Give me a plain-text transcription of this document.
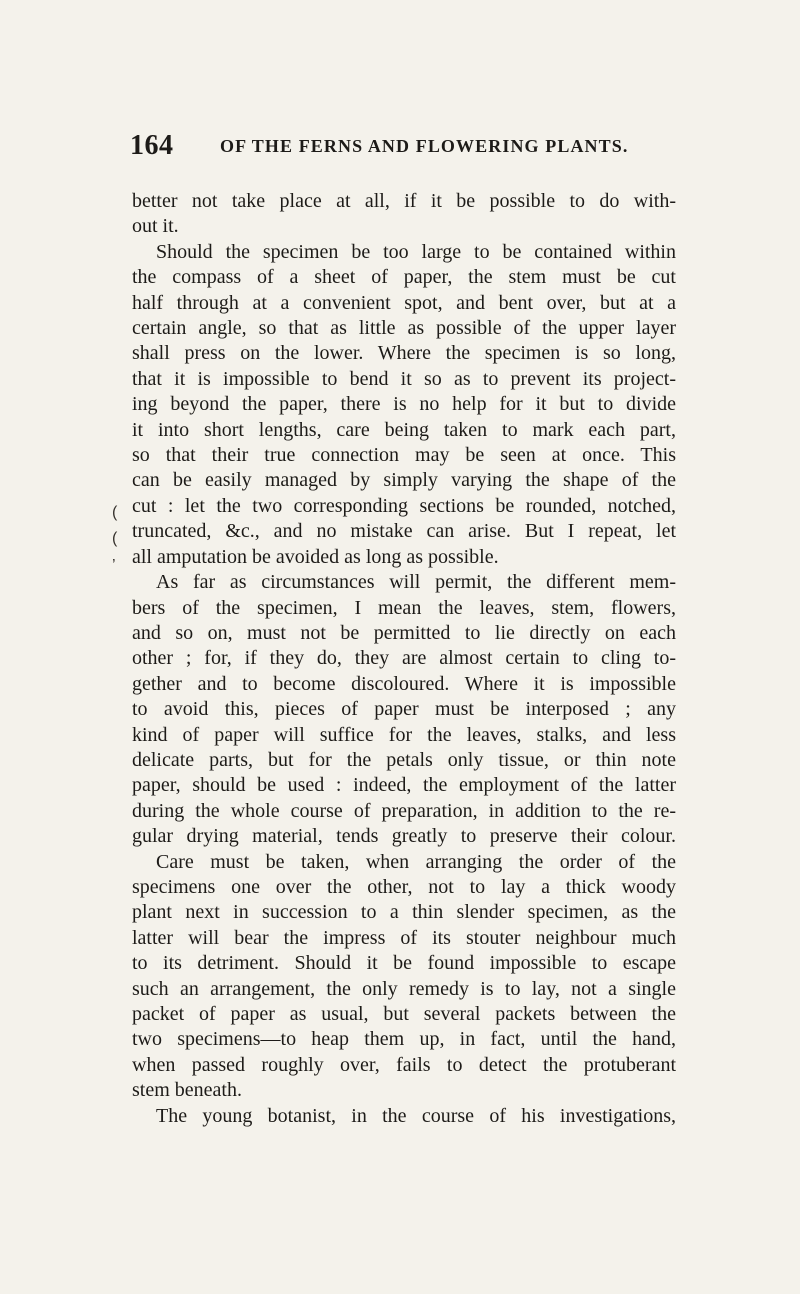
164	OF THE FERNS AND FLOWERING PLANTS.
(
(
’
better not take place at all, if it be possible to do with-
out it.
Should the specimen be too large to be contained within
the compass of a sheet of paper, the stem must be cut
half through at a convenient spot, and bent over, but at a
certain angle, so that as little as possible of the upper layer
shall press on the lower. Where the specimen is so long,
that it is impossible to bend it so as to prevent its project-
ing beyond the paper, there is no help for it but to divide
it into short lengths, care being taken to mark each part,
so that their true connection may be seen at once. This
can be easily managed by simply varying the shape of the
cut : let the two corresponding sections be rounded, notched,
truncated, &c., and no mistake can arise. But I repeat, let
all amputation be avoided as long as possible.
As far as circumstances will permit, the different mem-
bers of the specimen, I mean the leaves, stem, flowers,
and so on, must not be permitted to lie directly on each
other ; for, if they do, they are almost certain to cling to-
gether and to become discoloured. Where it is impossible
to avoid this, pieces of paper must be interposed ; any
kind of paper will suffice for the leaves, stalks, and less
delicate parts, but for the petals only tissue, or thin note
paper, should be used : indeed, the employment of the latter
during the whole course of preparation, in addition to the re-
gular drying material, tends greatly to preserve their colour.
Care must be taken, when arranging the order of the
specimens one over the other, not to lay a thick woody
plant next in succession to a thin slender specimen, as the
latter will bear the impress of its stouter neighbour much
to its detriment. Should it be found impossible to escape
such an arrangement, the only remedy is to lay, not a single
packet of paper as usual, but several packets between the
two specimens—to heap them up, in fact, until the hand,
when passed roughly over, fails to detect the protuberant
stem beneath.
The young botanist, in the course of his investigations,
